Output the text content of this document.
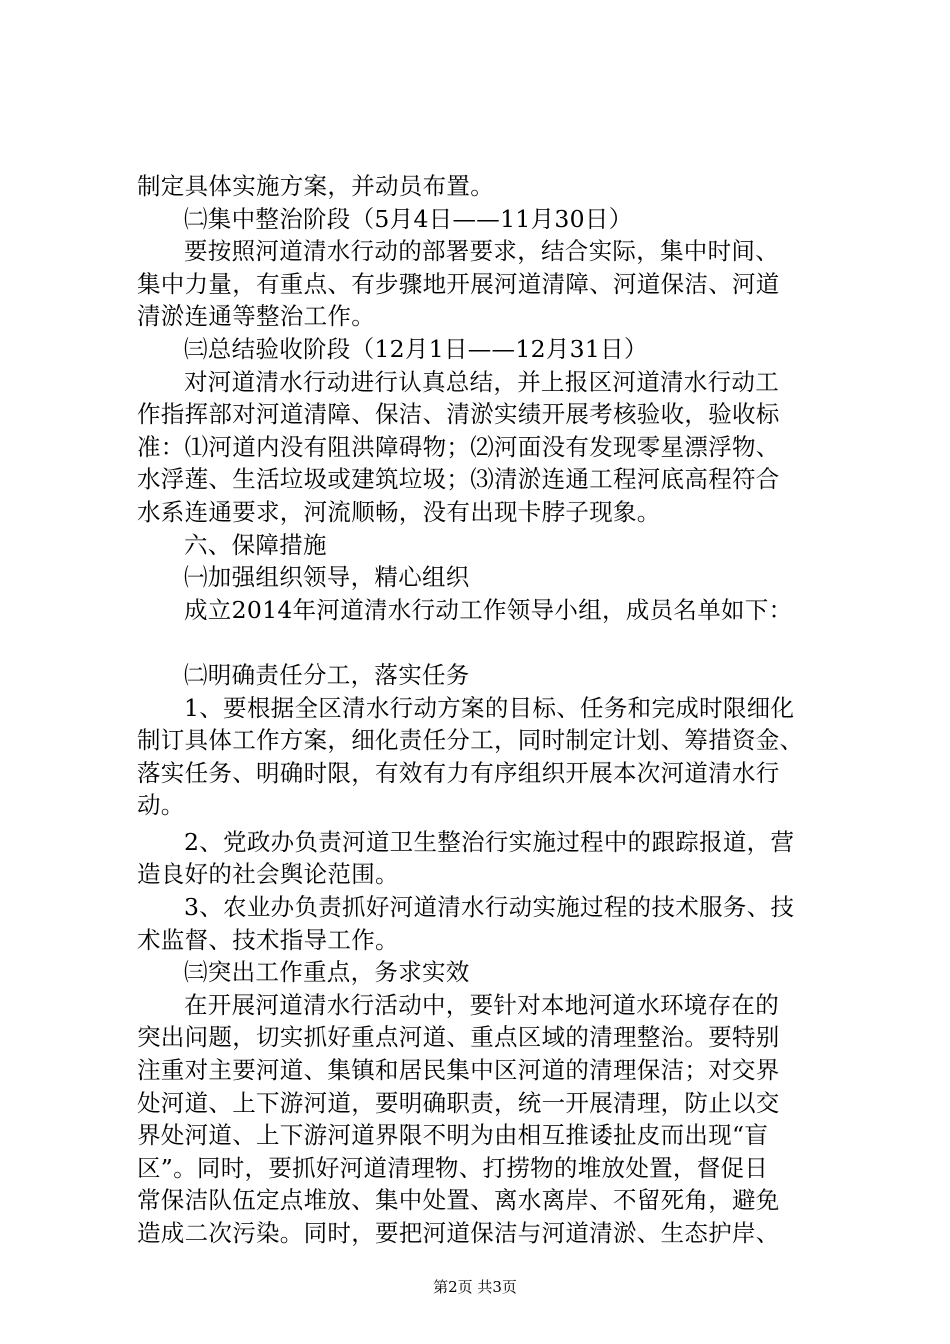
制定具体实施方案，并动员布置。
㈡集中整治阶段（5月4日——11月30日）
要按照河道清水行动的部署要求，结合实际，集中时间、
集中力量，有重点、有步骤地开展河道清障、河道保洁、河道
清淤连通等整治工作。
㈢总结验收阶段（12月1日——12月31日）
对河道清水行动进行认真总结，并上报区河道清水行动工
作指挥部对河道清障、保洁、清淤实绩开展考核验收，验收标
准：⑴河道内没有阻洪障碍物；⑵河面没有发现零星漂浮物、
水浮莲、生活垃圾或建筑垃圾；⑶清淤连通工程河底高程符合
水系连通要求，河流顺畅，没有出现卡脖子现象。
六、保障措施
㈠加强组织领导，精心组织
成立2014年河道清水行动工作领导小组，成员名单如下：
㈡明确责任分工，落实任务
1、要根据全区清水行动方案的目标、任务和完成时限细化
制订具体工作方案，细化责任分工，同时制定计划、筹措资金、
落实任务、明确时限，有效有力有序组织开展本次河道清水行
动。
2、党政办负责河道卫生整治行实施过程中的跟踪报道，营
造良好的社会舆论范围。
3、农业办负责抓好河道清水行动实施过程的技术服务、技
术监督、技术指导工作。
㈢突出工作重点，务求实效
在开展河道清水行活动中，要针对本地河道水环境存在的
突出问题，切实抓好重点河道、重点区域的清理整治。要特别
注重对主要河道、集镇和居民集中区河道的清理保洁；对交界
处河道、上下游河道，要明确职责，统一开展清理，防止以交
界处河道、上下游河道界限不明为由相互推诿扯皮而出现“盲
区”。同时，要抓好河道清理物、打捞物的堆放处置，督促日
常保洁队伍定点堆放、集中处置、离水离岸、不留死角，避免
造成二次污染。同时，要把河道保洁与河道清淤、生态护岸、
第2页 共3页
